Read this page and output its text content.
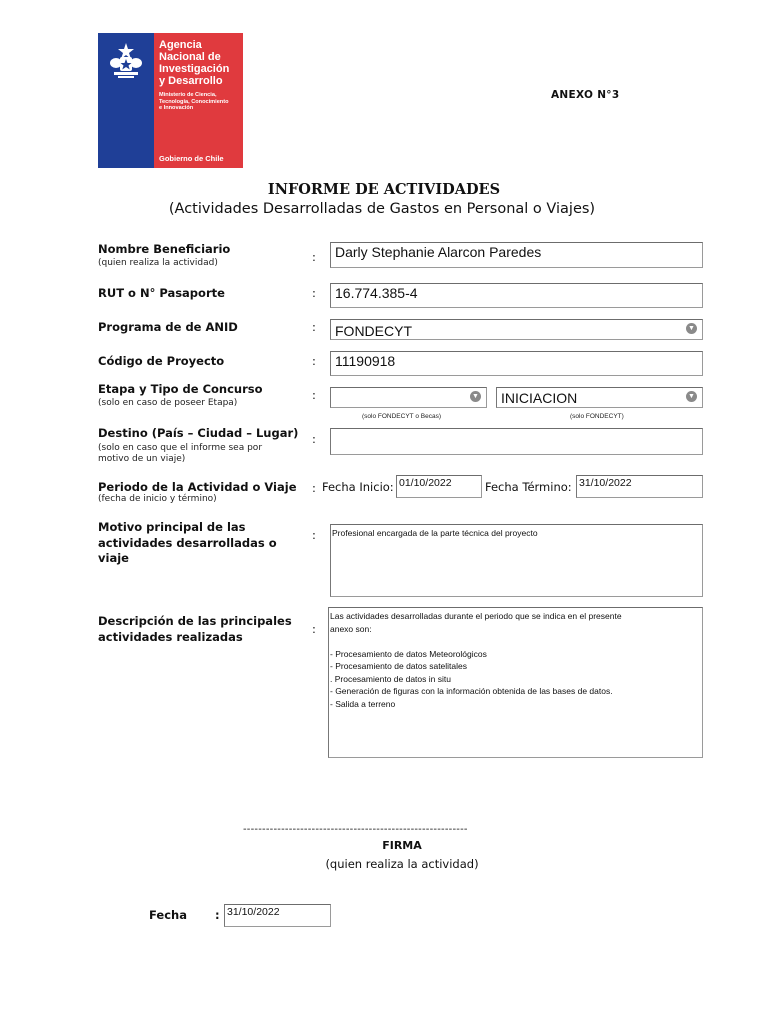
Agencia
Nacional de
Investigación
y Desarrollo
Ministerio de Ciencia,
Tecnología, Conocimiento
e Innovación
Gobierno de Chile
ANEXO N°3
INFORME DE ACTIVIDADES
(Actividades Desarrolladas de Gastos en Personal o Viajes)
Nombre Beneficiario
(quien realiza la actividad)	:	Darly Stephanie Alarcon Paredes
RUT o N° Pasaporte	:	16.774.385-4
Programa de de ANID	:	FONDECYT	▼
Código de Proyecto	:	11190918
Etapa y Tipo de Concurso
(solo en caso de poseer Etapa)
:	▼
(solo FONDECYT o Becas)
INICIACION	▼
(solo FONDECYT)
Destino (País – Ciudad – Lugar)
(solo en caso que el informe sea por
motivo de un viaje)
:
Periodo de la Actividad o Viaje
(fecha de inicio y término)
: Fecha Inicio: 01/10/2022	Fecha Término: 31/10/2022
Motivo principal de las
actividades desarrolladas o
viaje
: Profesional encargada de la parte técnica del proyecto
Descripción de las principales
actividades realizadas
:
Las actividades desarrolladas durante el periodo que se indica en el presente
anexo son:

- Procesamiento de datos Meteorológicos
- Procesamiento de datos satelitales
. Procesamiento de datos in situ
- Generación de figuras con la información obtenida de las bases de datos.
- Salida a terreno
-----------------------------------------------------------
FIRMA
(quien realiza la actividad)
Fecha : 31/10/2022
